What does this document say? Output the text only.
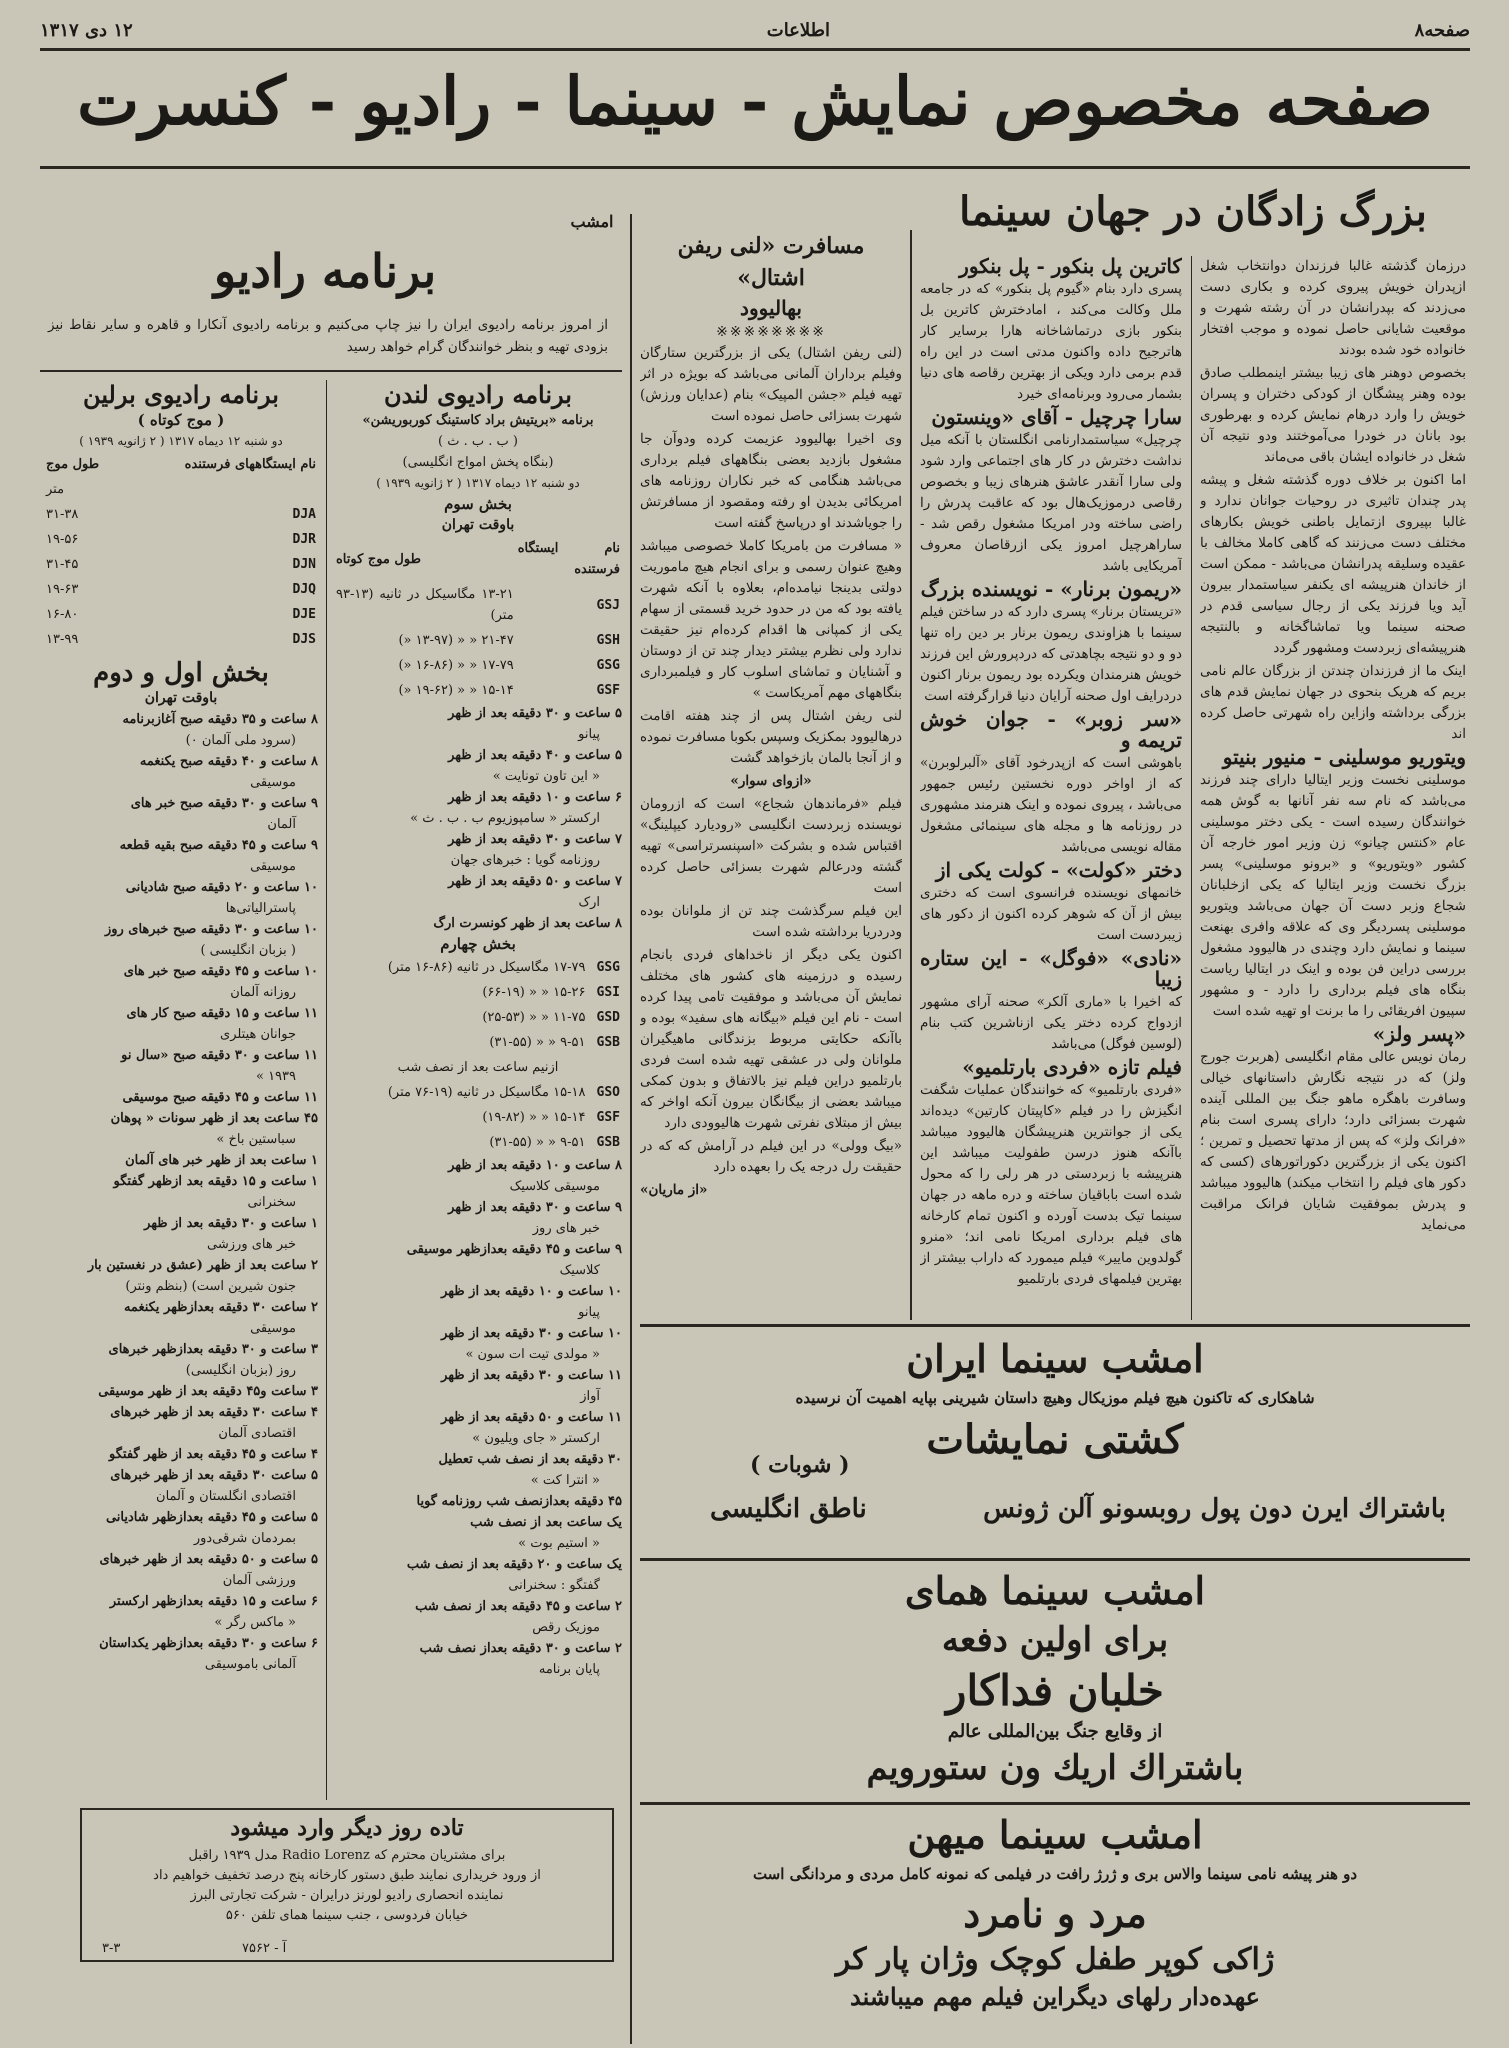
صفحه۸
اطلاعات
۱۲ دی ۱۳۱۷
صفحه مخصوص نمایش - سینما - رادیو - کنسرت
بزرگ زادگان در جهان سینما

درزمان گذشته غالبا فرزندان دوانتخاب شغل ازپدران خویش پیروی کرده و بکاری دست می‌زدند که بپدرانشان در آن رشته شهرت و موقعیت شایانی حاصل نموده و موجب افتخار خانواده خود شده بودند

بخصوص دوهنر های زیبا بیشتر اینمطلب صادق بوده وهنر پیشگان از کودکی دختران و پسران خویش را وارد درهام نمایش کرده و بهرطوری بود بانان در خودرا می‌آموختند ودو نتیجه آن شغل در خانواده ایشان باقی می‌ماند

اما اکنون بر خلاف دوره گذشته شغل و پیشه پدر چندان تاثیری در روحیات جوانان ندارد و غالبا بپیروی ازتمایل باطنی خویش بکارهای مختلف دست می‌زنند که گاهی کاملا مخالف با عقیده وسلیقه پدرانشان می‌باشد - ممکن است از خاندان هنرپیشه ای یکنفر سیاستمدار بیرون آید ویا فرزند یکی از رجال سیاسی قدم در صحنه سینما ویا تماشاگخانه و بالنتیجه هنرپیشه‌ای زبردست ومشهور گردد

اینک ما از فرزندان چندتن از بزرگان عالم نامی بریم که هریک بنحوی در جهان نمایش قدم های بزرگی برداشته وازاین راه شهرتی حاصل کرده اند

ویتوریو موسلینی - منیور بنیتو

موسلینی نخست وزیر ایتالیا دارای چند فرزند می‌باشد که نام سه نفر آنانها به گوش همه خوانندگان رسیده است - یکی دختر موسلینی عام «کنتس چیانو» زن وزیر امور خارجه آن کشور «ویتوریو» و «برونو موسلینی» پسر بزرگ نخست وزیر ایتالیا که یکی ازخلبانان شجاع وزبر دست آن جهان می‌باشد ویتوریو موسلینی پسردیگر وی که علاقه وافری بهنعت سینما و نمایش دارد وچندی در هالیوود مشغول بررسی دراین فن بوده و اینک در ایتالیا ریاست بنگاه های فیلم برداری را دارد - و مشهور سپیون افریقائی را ما برنت او تهیه شده است

«پسر ولز»

رمان نویس عالی مقام انگلیسی (هربرت جورج ولز) که در نتیجه نگارش داستانهای خیالی وسافرت باهگره ماهو جنگ بین المللی آینده شهرت بسزائی دارد؛ دارای پسری است بنام «فرانک ولز» که پس از مدتها تحصیل و تمرین ؛ اکنون یکی از بزرگترین دکوراتورهای (کسی که دکور های فیلم را انتخاب میکند) هالیوود میباشد و پدرش بموفقیت شایان فرانک مراقبت می‌نماید

کاترین پل بنکور - پل بنکور

پسری دارد بنام «گیوم پل بنکور» که در جامعه ملل وکالت می‌کند ، امادخترش کاترین بل بنکور بازی درتماشاخانه هارا برسایر کار هاترجیح داده واکنون مدتی است در این راه قدم برمی دارد ویکی از بهترین رقاصه های دنیا بشمار می‌رود وبرنامه‌ای خیرد

سارا چرچیل - آقای «وینستون

چرچیل» سیاستمدارنامی انگلستان با آنکه میل نداشت دخترش در کار های اجتماعی وارد شود ولی سارا آنقدر عاشق هنرهای زیبا و بخصوص رقاصی درموزیک‌هال بود که عاقبت پدرش را راضی ساخته ودر امریکا مشغول رقص شد - ساراهرچیل امروز یکی ازرقاصان معروف آمریکایی باشد

«ریمون برنار» - نویسنده بزرگ

«تریستان برنار» پسری دارد که در ساختن فیلم سینما با هزاوندی ریمون برنار بر دین راه تنها دو و دو نتیجه بچاهدتی که دردپرورش این فرزند خویش هنرمندان ویکرده بود ریمون برنار اکنون دردرایف اول صحنه آرایان دنیا قرارگرفته است

«سر زوبر» - جوان خوش تریمه و

باهوشی است که ازپدرخود آقای «آلبرلوبرن» که از اواخر دوره نخستین رئیس جمهور می‌باشد ، پیروی نموده و اینک هنرمند مشهوری در روزنامه ها و مجله های سینمائی مشغول مقاله نویسی می‌باشد

دختر «کولت» - کولت یکی از

خانمهای نویسنده فرانسوی است که دختری بیش از آن که شوهر کرده اکنون از دکور های زیبردست است

«نادی» «فوگل» - این ستاره زیبا

که اخیرا با «ماری آلکر» صحنه آرای مشهور ازدواج کرده دختر یکی ازناشرین کتب بنام (لوسین فوگل) می‌باشد

فیلم تازه «فردی بارتلمیو»

«فردی بارتلمیو» که خوانندگان عملیات شگفت انگیزش را در فیلم «کاپیتان کارتین» دیده‌اند یکی از جوانترین هنرپیشگان هالیوود میباشد باآنکه هنوز درسن طفولیت میباشد این هنرپیشه با زبردستی در هر رلی را که محول شده است باباقیان ساخته و دره ماهه در جهان سینما تیک بدست آورده و اکنون تمام کارخانه های فیلم برداری امریکا نامی اند؛ «منرو گولدوین ماییر» فیلم میمورد که داراب بیشتر از بهترین فیلمهای فردی بارتلمیو

مسافرت «لنی ریفن اشتال»
بهالیوود
※※※※※※※※

(لنی ریفن اشتال) یکی از بزرگترین ستارگان وفیلم برداران آلمانی می‌باشد که بویژه در اثر تهیه فیلم «جشن المپیک» بنام (عدایان ورزش) شهرت بسزائی حاصل نموده است

وی اخیرا بهالیوود عزیمت کرده ودوآن جا مشغول بازدید بعضی بنگاههای فیلم برداری می‌باشد هنگامی که خبر نکاران روزنامه های امریکائی بدیدن او رفته ومقصود از مسافرتش را جویاشدند او درپاسخ گفته است

« مسافرت من بامریکا کاملا خصوصی میباشد وهیچ عنوان رسمی و برای انجام هیچ ماموریت دولتی بدینجا نیامده‌ام، بعلاوه با آنکه شهرت یافته بود که من در حدود خرید قسمتی از سهام یکی از کمپانی ها اقدام کرده‌ام نیز حقیقت ندارد ولی نظرم بیشتر دیدار چند تن از دوستان و آشنایان و تماشای اسلوب کار و فیلمبرداری بنگاههای مهم آمریکاست »

لنی ریفن اشتال پس از چند هفته اقامت درهالیوود بمکزیک وسپس بکوبا مسافرت نموده و از آنجا بالمان بازخواهد گشت

«ازوای سوار»

فیلم «فرماندهان شجاع» است که ازرومان نویسنده زبردست انگلیسی «رودیارد کیپلینگ» اقتباس شده و بشرکت «اسپنسرتراسی» تهیه گشته ودرعالم شهرت بسزائی حاصل کرده است

این فیلم سرگذشت چند تن از ملوانان بوده ودردریا برداشته شده است

اکنون یکی دیگر از ناخداهای فردی بانجام رسیده و درزمینه های کشور های مختلف نمایش آن می‌باشد و موفقیت تامی پیدا کرده است - نام این فیلم «بیگانه های سفید» بوده و باآنکه حکایتی مربوط بزندگانی ماهیگیران ملوانان ولی در عشقی تهیه شده است فردی بارتلمیو دراین فیلم نیز بالاتفاق و بدون کمکی میباشد بعضی از بیگانگان بیرون آنکه اواخر که بیش از مبتلای نفرتی شهرت هالیوودی دارد

«بیگ وولی» در این فیلم در آرامش که که در حقیقت رل درجه یک را بعهده دارد

«از ماریان»

امشب
برنامه رادیو
از امروز برنامه رادیوی ایران را نیز چاپ می‌کنیم و برنامه رادیوی آنکارا و قاهره و سایر نقاط نیز بزودی تهیه و بنظر خوانندگان گرام خواهد رسید
برنامه رادیوی لندن
برنامه «بریتیش براد کاستینگ کوربوریشن»
( ب . ب . ث )
(بنگاه پخش امواج انگلیسی)
دو شنبه ۱۲ دیماه ۱۳۱۷ ( ۲ ژانویه ۱۹۳۹ )
بخش سوم
باوقت تهران
نام ایستگاه فرستنده	طول موج کوتاه
GSJ	۱۳-۲۱ مگاسیکل در ثانیه (۱۳-۹۳ متر)
GSH	۲۱-۴۷ « « (۱۳-۹۷ «)
GSG	۱۷-۷۹ « « (۱۶-۸۶ «)
GSF	۱۵-۱۴ « « (۱۹-۶۲ «)

۵ ساعت و ۳۰ دقیقه بعد از ظهر

پیانو

۵ ساعت و ۴۰ دقیقه بعد از ظهر

« این تاون تونایت »

۶ ساعت و ۱۰ دقیقه بعد از ظهر

ارکستر « سامپوزیوم ب . ب . ث »

۷ ساعت و ۳۰ دقیقه بعد از ظهر

روزنامه گویا : خبرهای جهان

۷ ساعت و ۵۰ دقیقه بعد از ظهر

ارک

۸ ساعت بعد از ظهر کونسرت ارگ

بخش چهارم
GSG	۱۷-۷۹ مگاسیکل در ثانیه (۸۶-۱۶ متر)
GSI	۱۵-۲۶ « « (۶۶-۱۹)
GSD	۱۱-۷۵ « « (۲۵-۵۳)
GSB	۹-۵۱ « « (۳۱-۵۵)
ازنیم ساعت بعد از نصف شب	
GSO	۱۵-۱۸ مگاسیکل در ثانیه (۱۹-۷۶ متر)
GSF	۱۵-۱۴ « « (۱۹-۸۲)
GSB	۹-۵۱ « « (۳۱-۵۵)

۸ ساعت و ۱۰ دقیقه بعد از ظهر

موسیقی کلاسیک

۹ ساعت و ۳۰ دقیقه بعد از ظهر

خبر های روز

۹ ساعت و ۴۵ دقیقه بعدازظهر موسیقی

کلاسیک

۱۰ ساعت و ۱۰ دقیقه بعد از ظهر

پیانو

۱۰ ساعت و ۳۰ دقیقه بعد از ظهر

« مولدی تیت ات سون »

۱۱ ساعت و ۳۰ دقیقه بعد از ظهر

آواز

۱۱ ساعت و ۵۰ دقیقه بعد از ظهر

ارکستر « جای ویلیون »

۳۰ دقیقه بعد از نصف شب تعطیل

« انترا کت »

۴۵ دقیقه بعدازنصف شب روزنامه گویا

یک ساعت بعد از نصف شب

« استیم بوت »

یک ساعت و ۲۰ دقیقه بعد از نصف شب

گفتگو : سخنرانی

۲ ساعت و ۴۵ دقیقه بعد از نصف شب

موزیک رقص

۲ ساعت و ۳۰ دقیقه بعداز نصف شب

پایان برنامه

برنامه رادیوی برلین
( موج کوتاه )
دو شنبه ۱۲ دیماه ۱۳۱۷ ( ۲ ژانویه ۱۹۳۹ )
نام ایستگاههای فرستنده	طول موج
	متر
DJA	۳۱-۳۸
DJR	۱۹-۵۶
DJN	۳۱-۴۵
DJQ	۱۹-۶۳
DJE	۱۶-۸۰
DJS	۱۳-۹۹
بخش اول و دوم
باوقت تهران

۸ ساعت و ۳۵ دقیقه صبح آغازبرنامه

(سرود ملی آلمان ۰)

۸ ساعت و ۴۰ دقیقه صبح یکنغمه

موسیقی

۹ ساعت و ۳۰ دقیقه صبح خبر های

آلمان

۹ ساعت و ۴۵ دقیقه صبح بقیه قطعه

موسیقی

۱۰ ساعت و ۲۰ دقیقه صبح شادیانی

پاسترالیاتی‌ها

۱۰ ساعت و ۳۰ دقیقه صبح خبرهای روز

( بزبان انگلیسی )

۱۰ ساعت و ۴۵ دقیقه صبح خبر های

روزانه آلمان

۱۱ ساعت و ۱۵ دقیقه صبح کار های

جوانان هیتلری

۱۱ ساعت و ۳۰ دقیقه صبح «سال نو

۱۹۳۹ »

۱۱ ساعت و ۴۵ دقیقه صبح موسیقی

۴۵ ساعت بعد از ظهر سونات « پوهان

سباستین باخ »

۱ ساعت بعد از ظهر خبر های آلمان

۱ ساعت و ۱۵ دقیقه بعد ازظهر گفتگو

سخنرانی

۱ ساعت و ۳۰ دقیقه بعد از ظهر

خبر های ورزشی

۲ ساعت بعد از ظهر (عشق در نغستین بار

جنون شیرین است) (بنظم ونتر)

۲ ساعت ۳۰ دقیقه بعدازظهر یکنغمه

موسیقی

۳ ساعت و ۳۰ دقیقه بعدازظهر خبرهای

روز (بزبان انگلیسی)

۳ ساعت و۴۵ دقیقه بعد از ظهر موسیقی

۴ ساعت ۳۰ دقیقه بعد از ظهر خبرهای

اقتصادی آلمان

۴ ساعت و ۴۵ دقیقه بعد از ظهر گفتگو

۵ ساعت ۳۰ دقیقه بعد از ظهر خبرهای

اقتصادی انگلستان و آلمان

۵ ساعت و ۴۵ دقیقه بعدازظهر شادیانی

بمردمان شرقی‌دور

۵ ساعت و ۵۰ دقیقه بعد از ظهر خبرهای

ورزشی آلمان

۶ ساعت و ۱۵ دقیقه بعدازظهر ارکستر

« ماکس رگر »

۶ ساعت و ۳۰ دقیقه بعدازظهر یکداستان

آلمانی باموسیقی

تاده روز دیگر وارد میشود
برای مشتریان محترم که Radio Lorenz مدل ۱۹۳۹ راقبل
از ورود خریداری نمایند طبق دستور کارخانه پنج درصد تخفیف خواهیم داد
نماینده انحصاری رادیو لورنز درایران - شرکت تجارتی البرز
خیابان فردوسی ، جنب سینما همای تلفن ۵۶۰
۳-۳	آ - ۷۵۶۲
امشب سینما ایران
شاهکاری که تاکنون هیچ فیلم موزیکال وهیچ داستان شیرینی بپایه اهمیت آن نرسیده
کشتی نمایشات
( شوبات )
باشتراك ایرن دون پول روبسونو آلن ژونس
ناطق انگلیسی
امشب سینما همای
برای اولین دفعه
خلبان فداکار
از وقایع جنگ بین‌المللی عالم
باشتراك اریك ون ستورویم
امشب سینما میهن
دو هنر پیشه نامی سینما والاس بری و ژرژ رافت در فیلمی که نمونه کامل مردی و مردانگی است
مرد و نامرد
ژاکی کوپر طفل کوچک وژان پار کر
عهده‌دار رلهای دیگراین فیلم مهم میباشند
